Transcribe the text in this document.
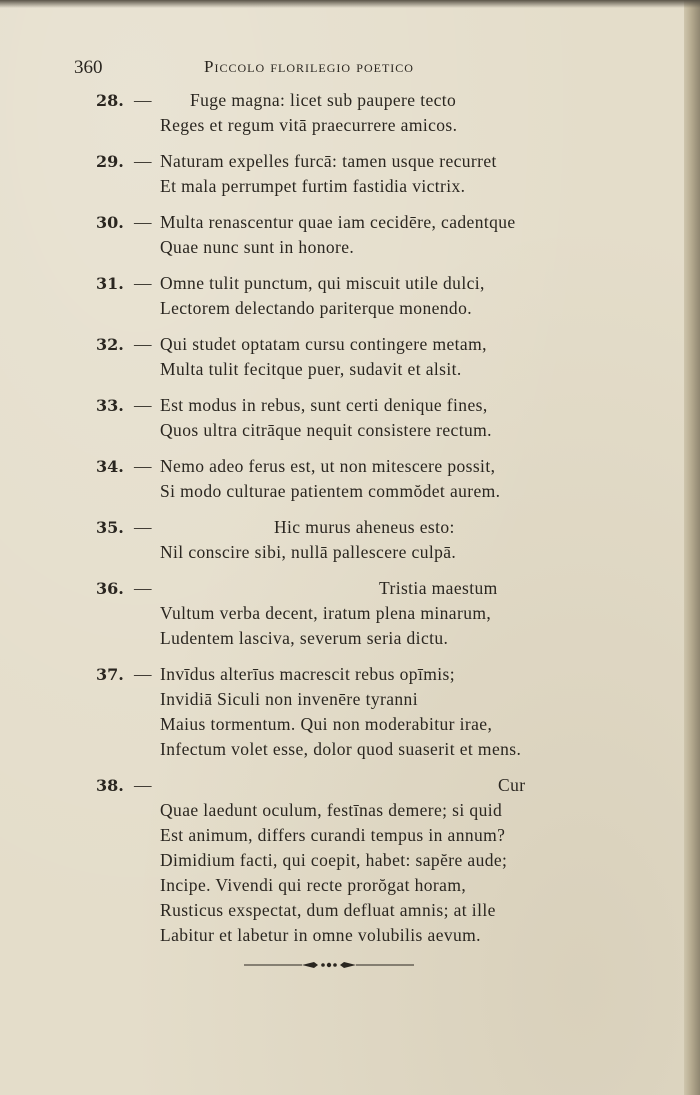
360	Piccolo florilegio poetico
28. —	Fuge magna: licet sub paupere tecto
Reges et regum vitā praecurrere amicos.
29. — Naturam expelles furcā: tamen usque recurret
Et mala perrumpet furtim fastidia victrix.
30. — Multa renascentur quae iam cecidēre, cadentque
Quae nunc sunt in honore.
31. — Omne tulit punctum, qui miscuit utile dulci,
Lectorem delectando pariterque monendo.
32. — Qui studet optatam cursu contingere metam,
Multa tulit fecitque puer, sudavit et alsit.
33. — Est modus in rebus, sunt certi denique fines,
Quos ultra citrāque nequit consistere rectum.
34. — Nemo adeo ferus est, ut non mitescere possit,
Si modo culturae patientem commŏdet aurem.
35. —	Hic murus aheneus esto:
Nil conscire sibi, nullā pallescere culpā.
36. —	Tristia maestum
Vultum verba decent, iratum plena minarum,
Ludentem lasciva, severum seria dictu.
37. — Invīdus alterīus macrescit rebus opīmis;
Invidiā Siculi non invenēre tyranni
Maius tormentum. Qui non moderabitur irae,
Infectum volet esse, dolor quod suaserit et mens.
38. —	Cur
Quae laedunt oculum, festīnas demere; si quid
Est animum, differs curandi tempus in annum?
Dimidium facti, qui coepit, habet: sapĕre aude;
Incipe. Vivendi qui recte prorŏgat horam,
Rusticus exspectat, dum defluat amnis; at ille
Labitur et labetur in omne volubilis aevum.
